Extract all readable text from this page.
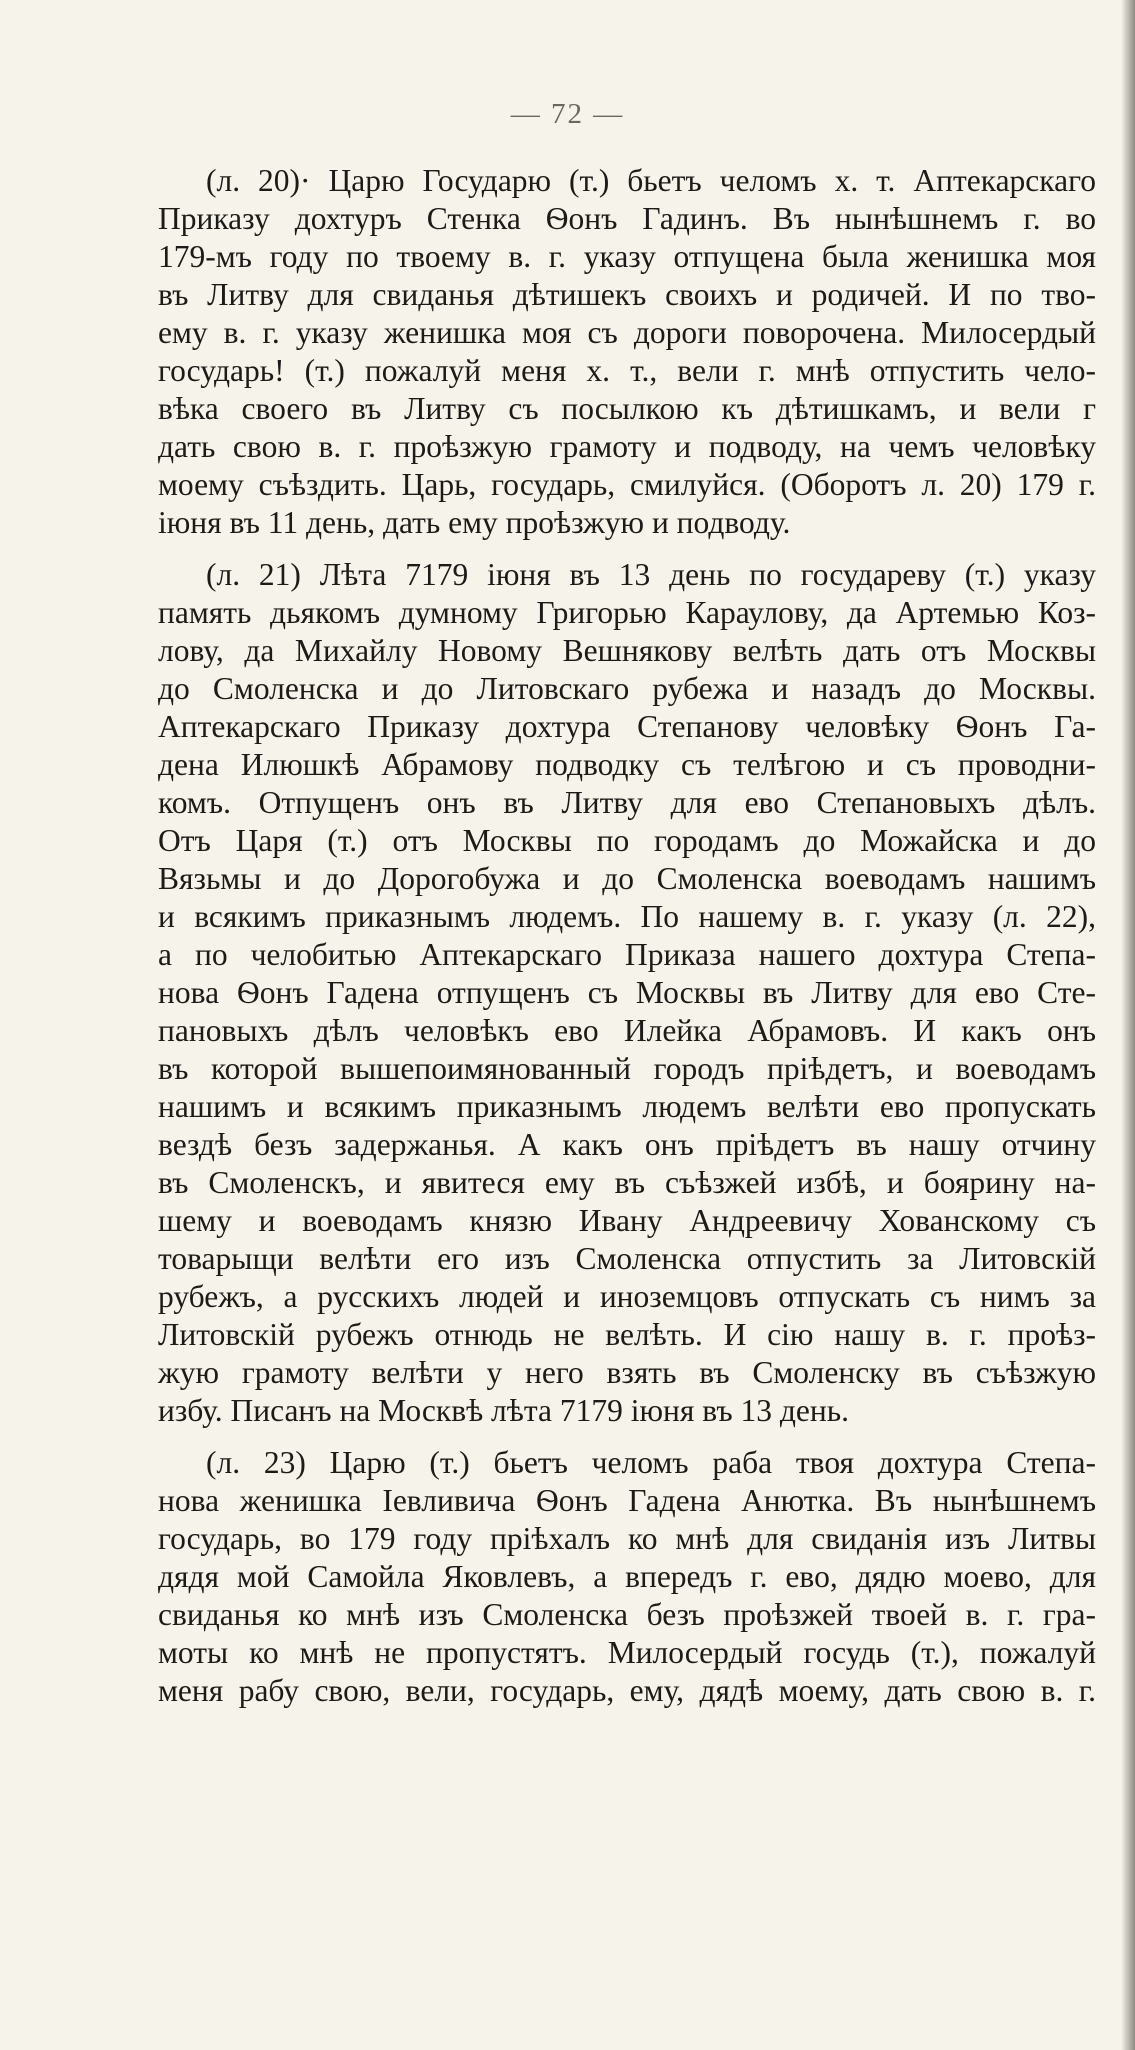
— 72 —
(л. 20)· Царю Государю (т.) бьетъ челомъ х. т. Аптекарскаго
Приказу дохтуръ Стенка Ѳонъ Гадинъ. Въ нынѣшнемъ г. во
179-мъ году по твоему в. г. указу отпущена была женишка моя
въ Литву для свиданья дѣтишекъ своихъ и родичей. И по тво-
ему в. г. указу женишка моя съ дороги поворочена. Милосердый
государь! (т.) пожалуй меня х. т., вели г. мнѣ отпустить чело-
вѣка своего въ Литву съ посылкою къ дѣтишкамъ, и вели г
дать свою в. г. проѣзжую грамоту и подводу, на чемъ человѣку
моему съѣздить. Царь, государь, смилуйся. (Оборотъ л. 20) 179 г.
іюня въ 11 день, дать ему проѣзжую и подводу.
(л. 21) Лѣта 7179 іюня въ 13 день по государеву (т.) указу
память дьякомъ думному Григорью Караулову, да Артемью Коз-
лову, да Михайлу Новому Вешнякову велѣть дать отъ Москвы
до Смоленска и до Литовскаго рубежа и назадъ до Москвы.
Аптекарскаго Приказу дохтура Степанову человѣку Ѳонъ Га-
дена Илюшкѣ Абрамову подводку съ телѣгою и съ проводни-
комъ. Отпущенъ онъ въ Литву для ево Степановыхъ дѣлъ.
Отъ Царя (т.) отъ Москвы по городамъ до Можайска и до
Вязьмы и до Дорогобужа и до Смоленска воеводамъ нашимъ
и всякимъ приказнымъ людемъ. По нашему в. г. указу (л. 22),
а по челобитью Аптекарскаго Приказа нашего дохтура Степа-
нова Ѳонъ Гадена отпущенъ съ Москвы въ Литву для ево Сте-
пановыхъ дѣлъ человѣкъ ево Илейка Абрамовъ. И какъ онъ
въ которой вышепоимянованный городъ пріѣдетъ, и воеводамъ
нашимъ и всякимъ приказнымъ людемъ велѣти ево пропускать
вездѣ безъ задержанья. А какъ онъ пріѣдетъ въ нашу отчину
въ Смоленскъ, и явитеся ему въ съѣзжей избѣ, и боярину на-
шему и воеводамъ князю Ивану Андреевичу Хованскому съ
товарыщи велѣти его изъ Смоленска отпустить за Литовскій
рубежъ, а русскихъ людей и иноземцовъ отпускать съ нимъ за
Литовскій рубежъ отнюдь не велѣть. И сію нашу в. г. проѣз-
жую грамоту велѣти у него взять въ Смоленску въ съѣзжую
избу. Писанъ на Москвѣ лѣта 7179 іюня въ 13 день.
(л. 23) Царю (т.) бьетъ челомъ раба твоя дохтура Степа-
нова женишка Іевливича Ѳонъ Гадена Анютка. Въ нынѣшнемъ
государь, во 179 году пріѣхалъ ко мнѣ для свиданія изъ Литвы
дядя мой Самойла Яковлевъ, а впередъ г. ево, дядю моево, для
свиданья ко мнѣ изъ Смоленска безъ проѣзжей твоей в. г. гра-
моты ко мнѣ не пропустятъ. Милосердый госудь (т.), пожалуй
меня рабу свою, вели, государь, ему, дядѣ моему, дать свою в. г.
